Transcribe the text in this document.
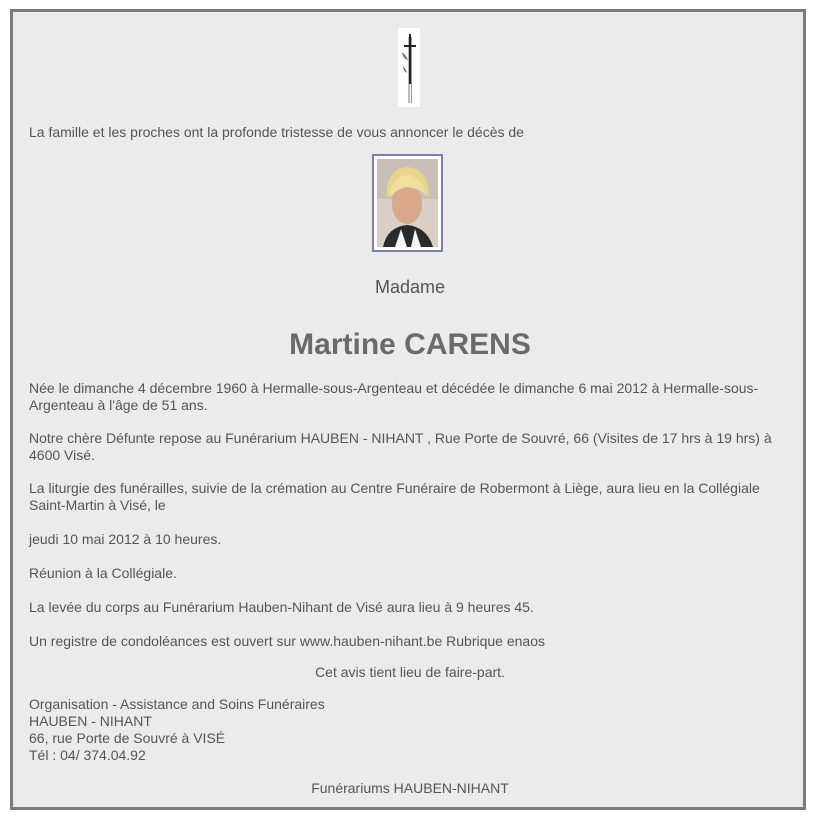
La famille et les proches ont la profonde tristesse de vous annoncer le décès de

Madame
Martine CARENS

Née le dimanche 4 décembre 1960 à Hermalle-sous-Argenteau et décédée le dimanche 6 mai 2012 à Hermalle-sous-Argenteau à l'âge de 51 ans.

Notre chère Défunte repose au Funérarium HAUBEN - NIHANT , Rue Porte de Souvré, 66 (Visites de 17 hrs à 19 hrs) à 4600 Visé.

La liturgie des funérailles, suivie de la crémation au Centre Funéraire de Robermont à Liège, aura lieu en la Collégiale Saint-Martin à Visé, le

jeudi 10 mai 2012 à 10 heures.

Réunion à la Collégiale.

La levée du corps au Funérarium Hauben-Nihant de Visé aura lieu à 9 heures 45.

Un registre de condoléances est ouvert sur www.hauben-nihant.be Rubrique enaos

Cet avis tient lieu de faire-part.

Organisation - Assistance and Soins Funéraires

HAUBEN - NIHANT

66, rue Porte de Souvré à VISÉ

Tél : 04/ 374.04.92

Funérariums HAUBEN-NIHANT
